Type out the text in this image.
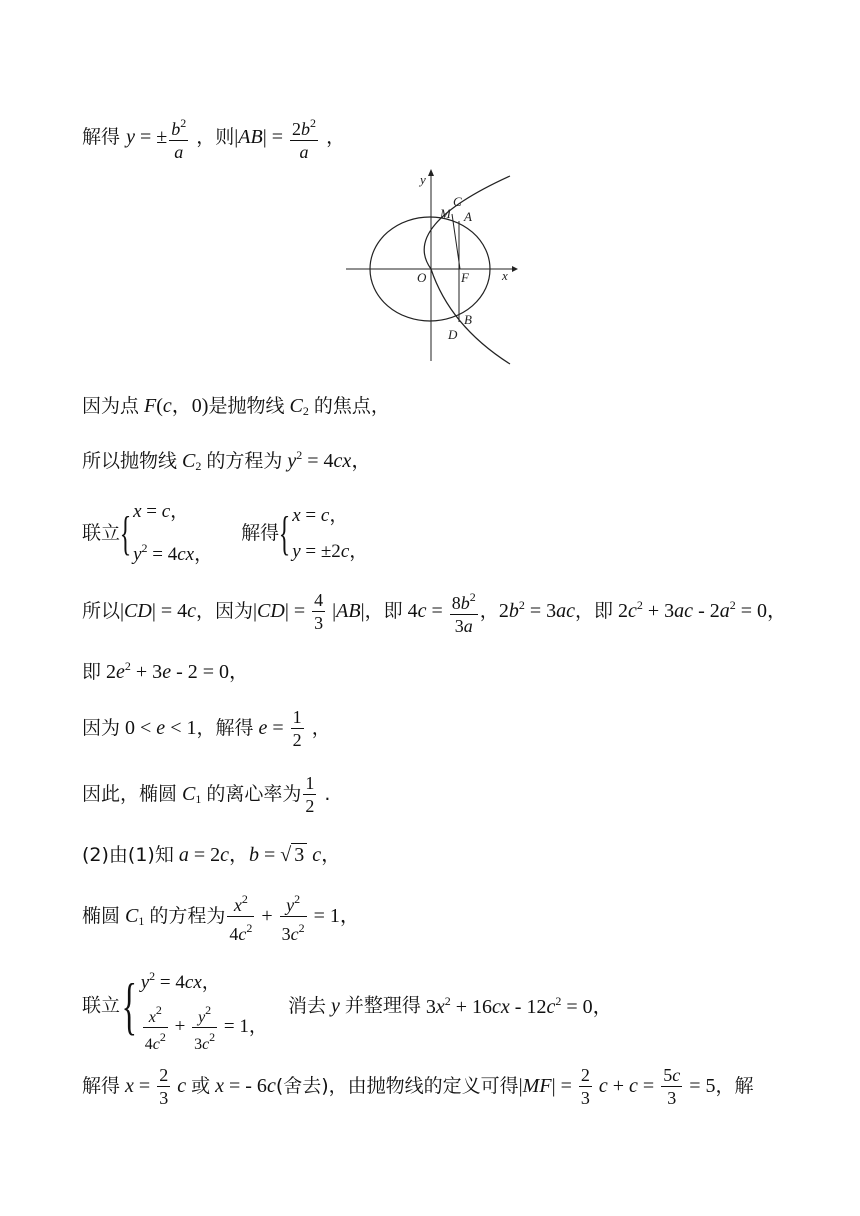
解得 y = ± $\frac{b^2}{a}$ ，则$|AB| = \frac{2b^2}{a}$ ，
y
x
O	F
M
C
A
B
D
因为点 F(c，0)是抛物线 $C_2$ 的焦点，
所以抛物线 $C_2$ 的方程为 $y^2 = 4cx$，
联立{ x = c，
$y^2 = 4cx$，
解得{ x = c，
y = ±2c，
所以|CD| = 4c，因为$|CD| = \frac{4}{3} |AB|$，即 $4c = \frac{8b^2}{3a}$ ，$2b^2 = 3ac$，即 $2c^2 + 3ac - 2a^2 = 0$，
即 $2e^2 + 3e - 2 = 0$，
因为 0 < e < 1，解得 $e = \frac{1}{2}$ ，
因此，椭圆 $C_1$ 的离心率为 $\frac{1}{2}$ .
(2)由(1)知 a = 2c，b = √ 3 c，
椭圆 $C_1$ 的方程为 $\frac{x^2}{4c^2} + \frac{y^2}{3c^2} = 1$，
联立{ $y^2 = 4cx$，
$\frac{x^2}{4c^2} + \frac{y^2}{3c^2} = 1$，
消去 y 并整理得 $3x^2 + 16cx - 12c^2 = 0$，
解得 $x = \frac{2}{3}$ c 或 x = - 6c(舍去)，由抛物线的定义可得$|MF| = \frac{2}{3}$ $c + c = \frac{5c}{3} = 5$，解
